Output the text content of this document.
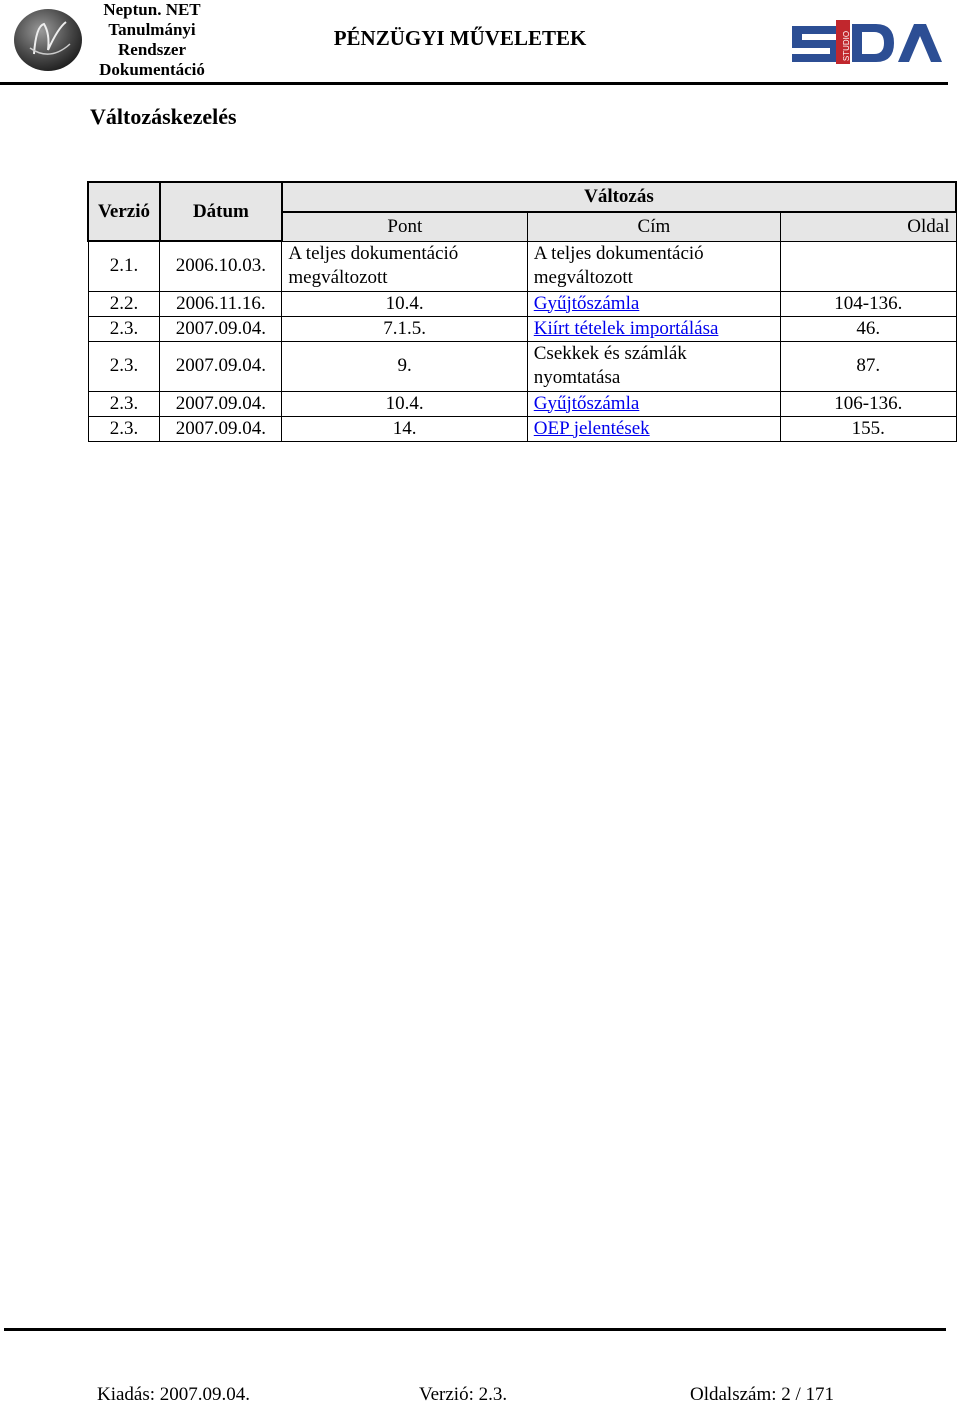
Neptun. NET
Tanulmányi
Rendszer
Dokumentáció
PÉNZÜGYI MŰVELETEK	STUDIO
Változáskezelés
Verzió	Dátum	Változás		
		Pont	Cím	Oldal
2.1.	2006.10.03.	A teljes dokumentáció megváltozott	A teljes dokumentáció megváltozott	
2.2.	2006.11.16.	10.4.	Gyűjtőszámla	104-136.
2.3.	2007.09.04.	7.1.5.	Kiírt tételek importálása	46.
2.3.	2007.09.04.	9.	Csekkek és számlák nyomtatása	87.
2.3.	2007.09.04.	10.4.	Gyűjtőszámla	106-136.
2.3.	2007.09.04.	14.	OEP jelentések	155.
Kiadás: 2007.09.04.	Verzió: 2.3.	Oldalszám: 2 / 171
